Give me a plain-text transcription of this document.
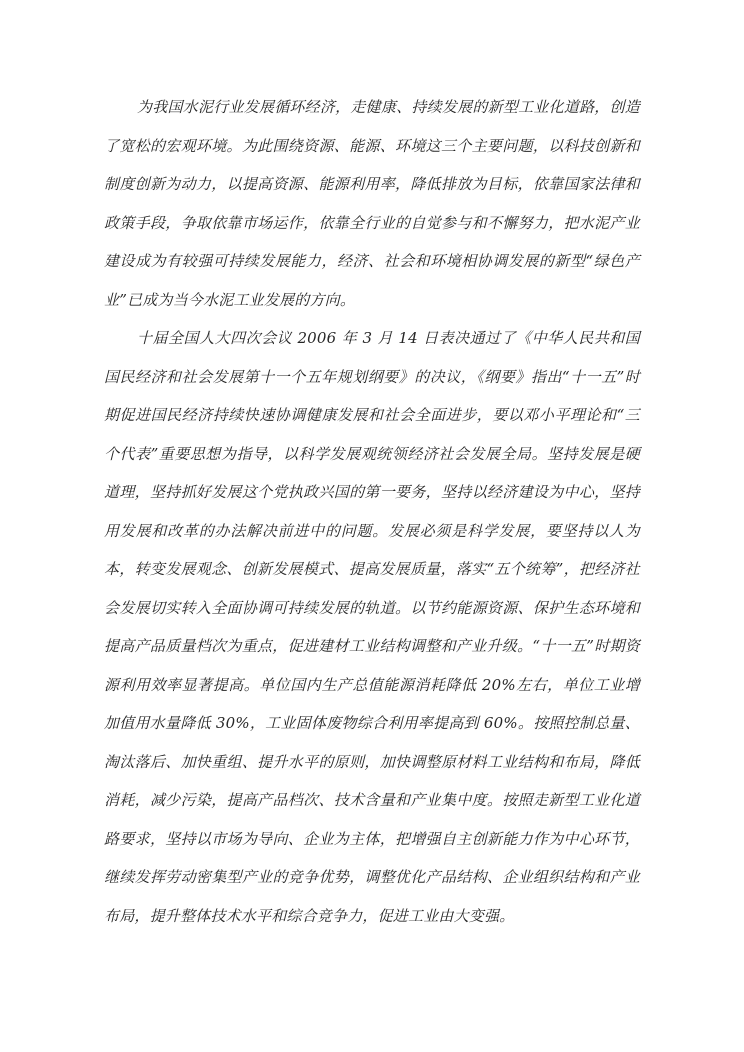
为我国水泥行业发展循环经济，走健康、持续发展的新型工业化道路，创造了宽松的宏观环境。为此围绕资源、能源、环境这三个主要问题，以科技创新和制度创新为动力，以提高资源、能源利用率，降低排放为目标，依靠国家法律和政策手段，争取依靠市场运作，依靠全行业的自觉参与和不懈努力，把水泥产业建设成为有较强可持续发展能力，经济、社会和环境相协调发展的新型“绿色产业”已成为当今水泥工业发展的方向。

十届全国人大四次会议 2006 年 3 月 14 日表决通过了《中华人民共和国国民经济和社会发展第十一个五年规划纲要》的决议，《纲要》指出“十一五”时期促进国民经济持续快速协调健康发展和社会全面进步，要以邓小平理论和“三个代表”重要思想为指导，以科学发展观统领经济社会发展全局。坚持发展是硬道理，坚持抓好发展这个党执政兴国的第一要务，坚持以经济建设为中心，坚持用发展和改革的办法解决前进中的问题。发展必须是科学发展，要坚持以人为本，转变发展观念、创新发展模式、提高发展质量，落实“五个统筹”，把经济社会发展切实转入全面协调可持续发展的轨道。以节约能源资源、保护生态环境和提高产品质量档次为重点，促进建材工业结构调整和产业升级。“十一五”时期资源利用效率显著提高。单位国内生产总值能源消耗降低 20%左右，单位工业增加值用水量降低 30%，工业固体废物综合利用率提高到 60%。按照控制总量、淘汰落后、加快重组、提升水平的原则，加快调整原材料工业结构和布局，降低消耗，减少污染，提高产品档次、技术含量和产业集中度。按照走新型工业化道路要求，坚持以市场为导向、企业为主体，把增强自主创新能力作为中心环节，继续发挥劳动密集型产业的竞争优势，调整优化产品结构、企业组织结构和产业布局，提升整体技术水平和综合竞争力，促进工业由大变强。
